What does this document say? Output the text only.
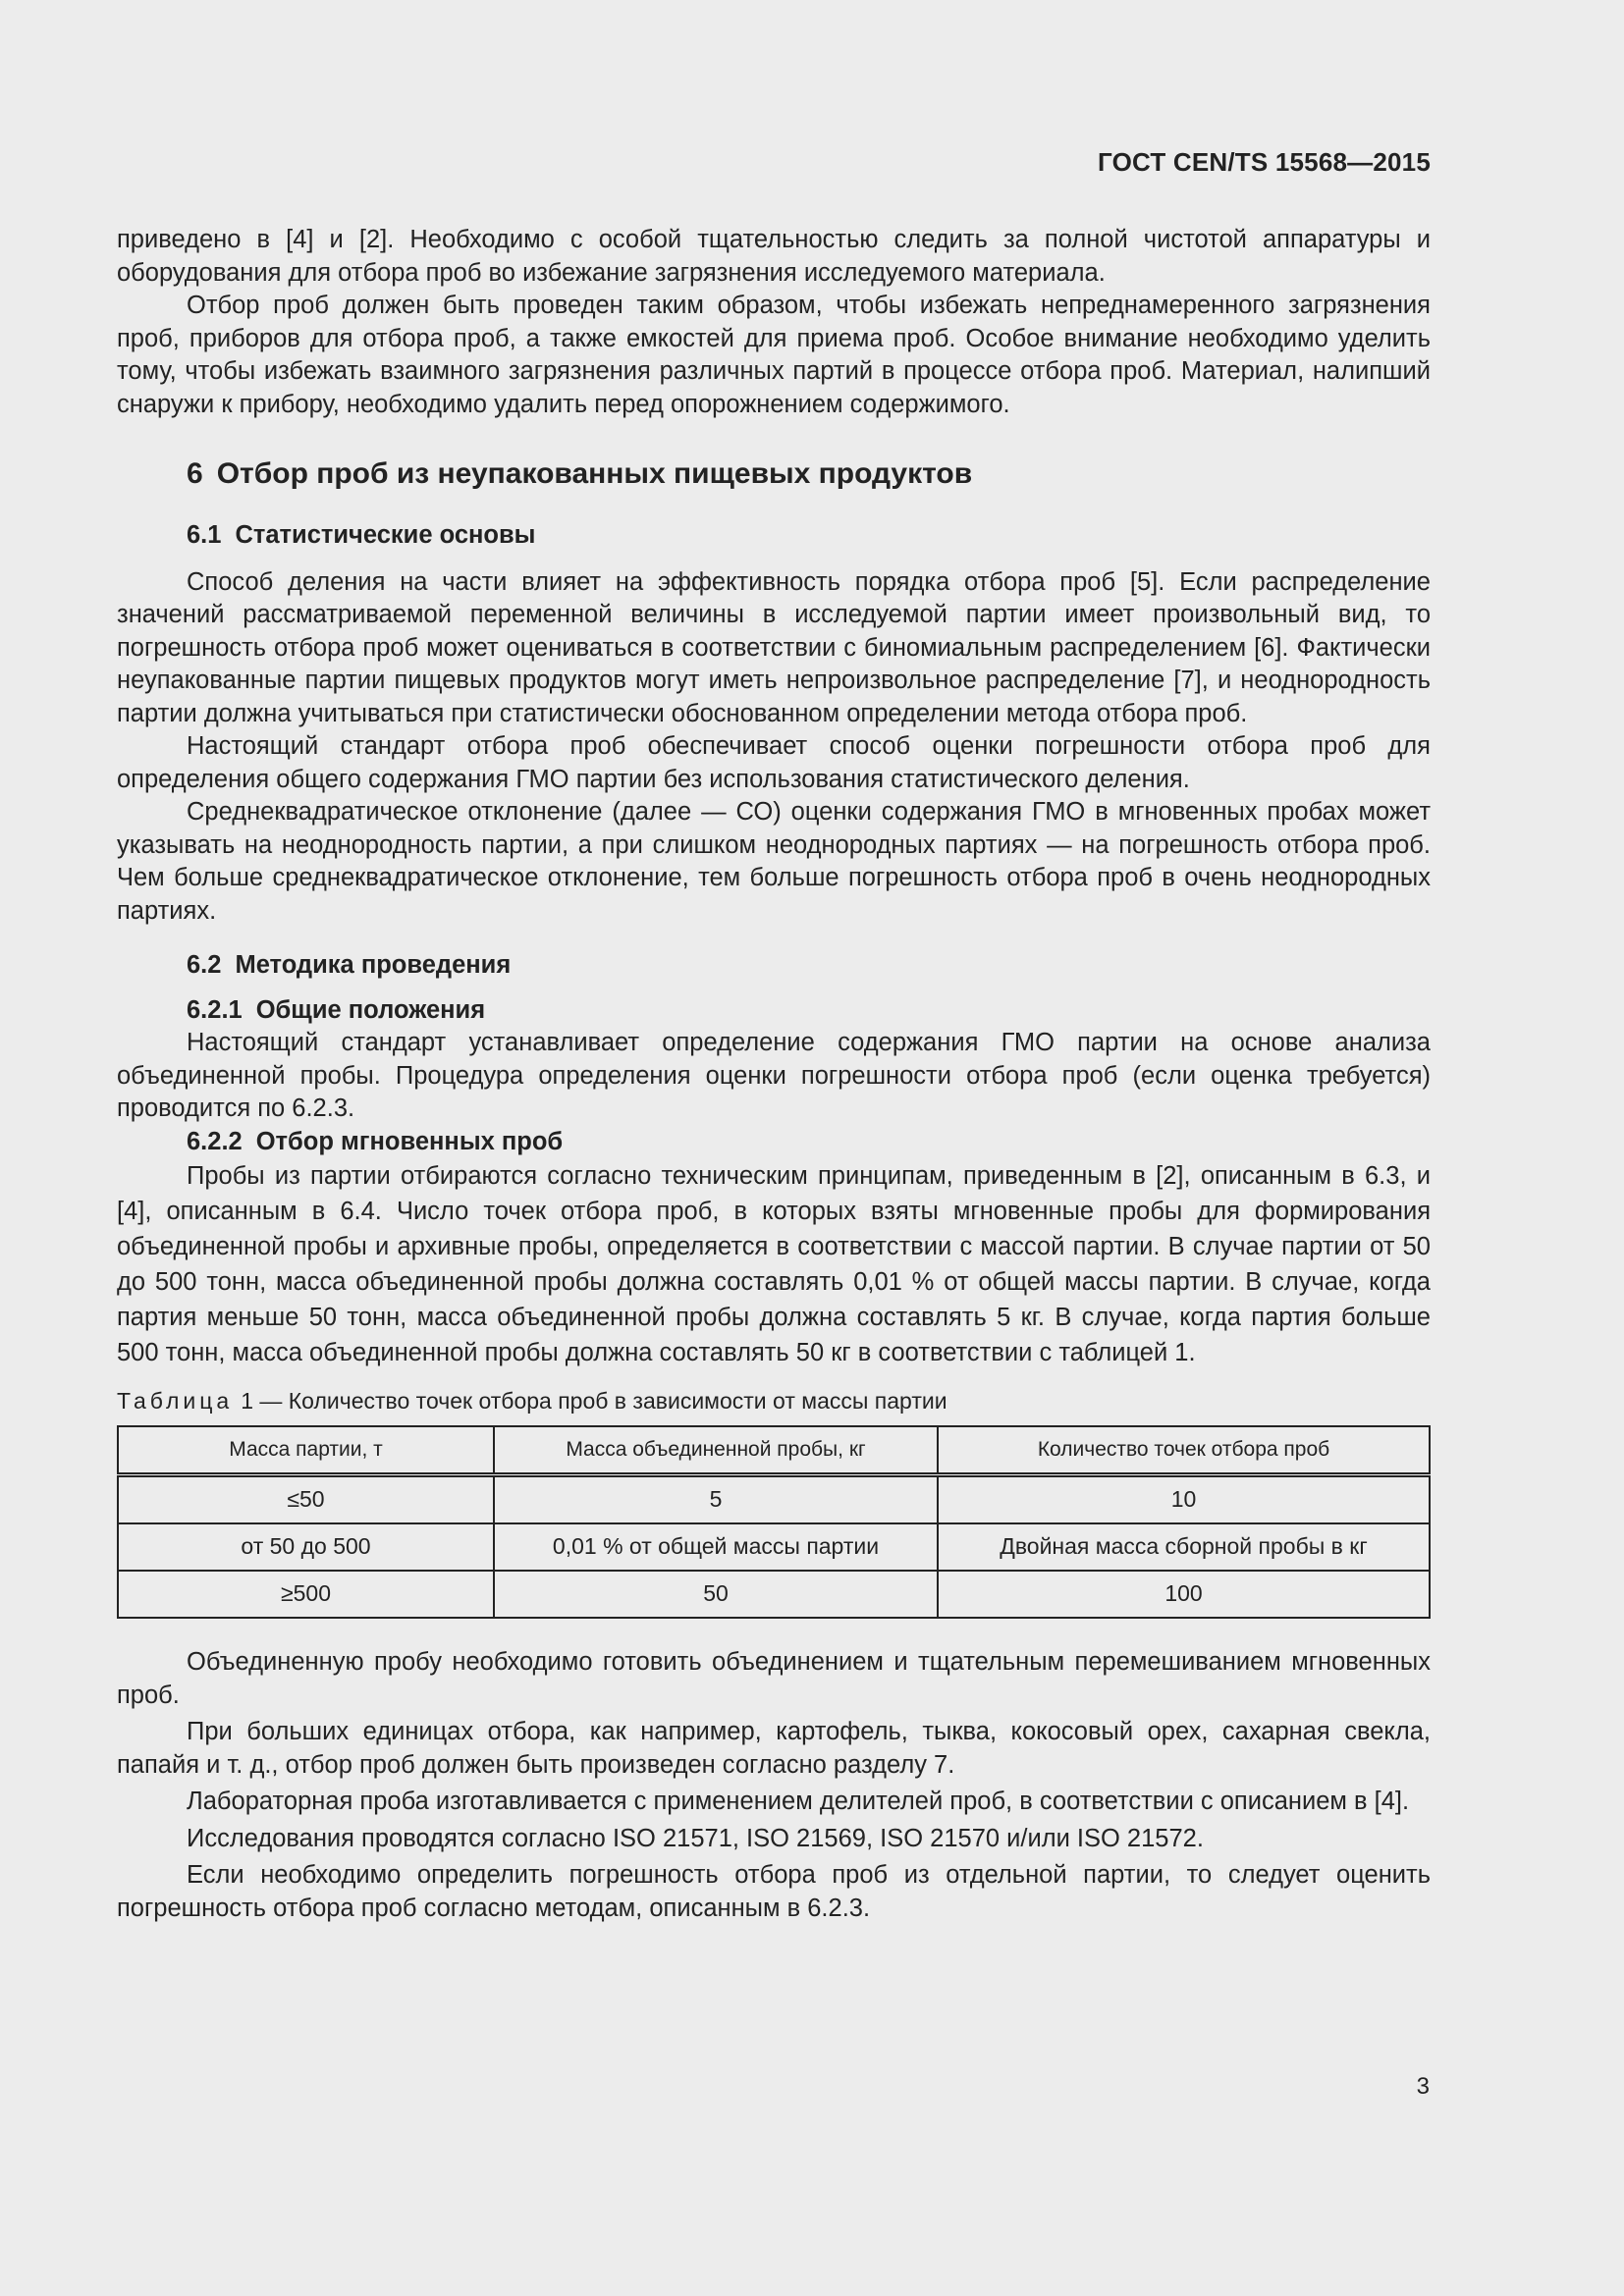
ГОСТ CEN/TS 15568—2015

приведено в [4] и [2]. Необходимо с особой тщательностью следить за полной чистотой аппаратуры и оборудования для отбора проб во избежание загрязнения исследуемого материала.

Отбор проб должен быть проведен таким образом, чтобы избежать непреднамеренного загрязнения проб, приборов для отбора проб, а также емкостей для приема проб. Особое внимание необходимо уделить тому, чтобы избежать взаимного загрязнения различных партий в процессе отбора проб. Материал, налипший снаружи к прибору, необходимо удалить перед опорожнением содержимого.

6 Отбор проб из неупакованных пищевых продуктов
6.1 Статистические основы

Способ деления на части влияет на эффективность порядка отбора проб [5]. Если распределение значений рассматриваемой переменной величины в исследуемой партии имеет произвольный вид, то погрешность отбора проб может оцениваться в соответствии с биномиальным распределением [6]. Фактически неупакованные партии пищевых продуктов могут иметь непроизвольное распределение [7], и неоднородность партии должна учитываться при статистически обоснованном определении метода отбора проб.

Настоящий стандарт отбора проб обеспечивает способ оценки погрешности отбора проб для определения общего содержания ГМО партии без использования статистического деления.

Среднеквадратическое отклонение (далее — СО) оценки содержания ГМО в мгновенных пробах может указывать на неоднородность партии, а при слишком неоднородных партиях — на погрешность отбора проб. Чем больше среднеквадратическое отклонение, тем больше погрешность отбора проб в очень неоднородных партиях.

6.2 Методика проведения
6.2.1 Общие положения

Настоящий стандарт устанавливает определение содержания ГМО партии на основе анализа объединенной пробы. Процедура определения оценки погрешности отбора проб (если оценка требуется) проводится по 6.2.3.

6.2.2 Отбор мгновенных проб

Пробы из партии отбираются согласно техническим принципам, приведенным в [2], описанным в 6.3, и [4], описанным в 6.4. Число точек отбора проб, в которых взяты мгновенные пробы для формирования объединенной пробы и архивные пробы, определяется в соответствии с массой партии. В случае партии от 50 до 500 тонн, масса объединенной пробы должна составлять 0,01 % от общей массы партии. В случае, когда партия меньше 50 тонн, масса объединенной пробы должна составлять 5 кг. В случае, когда партия больше 500 тонн, масса объединенной пробы должна составлять 50 кг в соответствии с таблицей 1.

Таблица 1 — Количество точек отбора проб в зависимости от массы партии
Масса партии, т	Масса объединенной пробы, кг	Количество точек отбора проб
≤50	5	10
от 50 до 500	0,01 % от общей массы партии	Двойная масса сборной пробы в кг
≥500	50	100

Объединенную пробу необходимо готовить объединением и тщательным перемешиванием мгновенных проб.

При больших единицах отбора, как например, картофель, тыква, кокосовый орех, сахарная свекла, папайя и т. д., отбор проб должен быть произведен согласно разделу 7.

Лабораторная проба изготавливается с применением делителей проб, в соответствии с описанием в [4].

Исследования проводятся согласно ISO 21571, ISO 21569, ISO 21570 и/или ISO 21572.

Если необходимо определить погрешность отбора проб из отдельной партии, то следует оценить погрешность отбора проб согласно методам, описанным в 6.2.3.

3
